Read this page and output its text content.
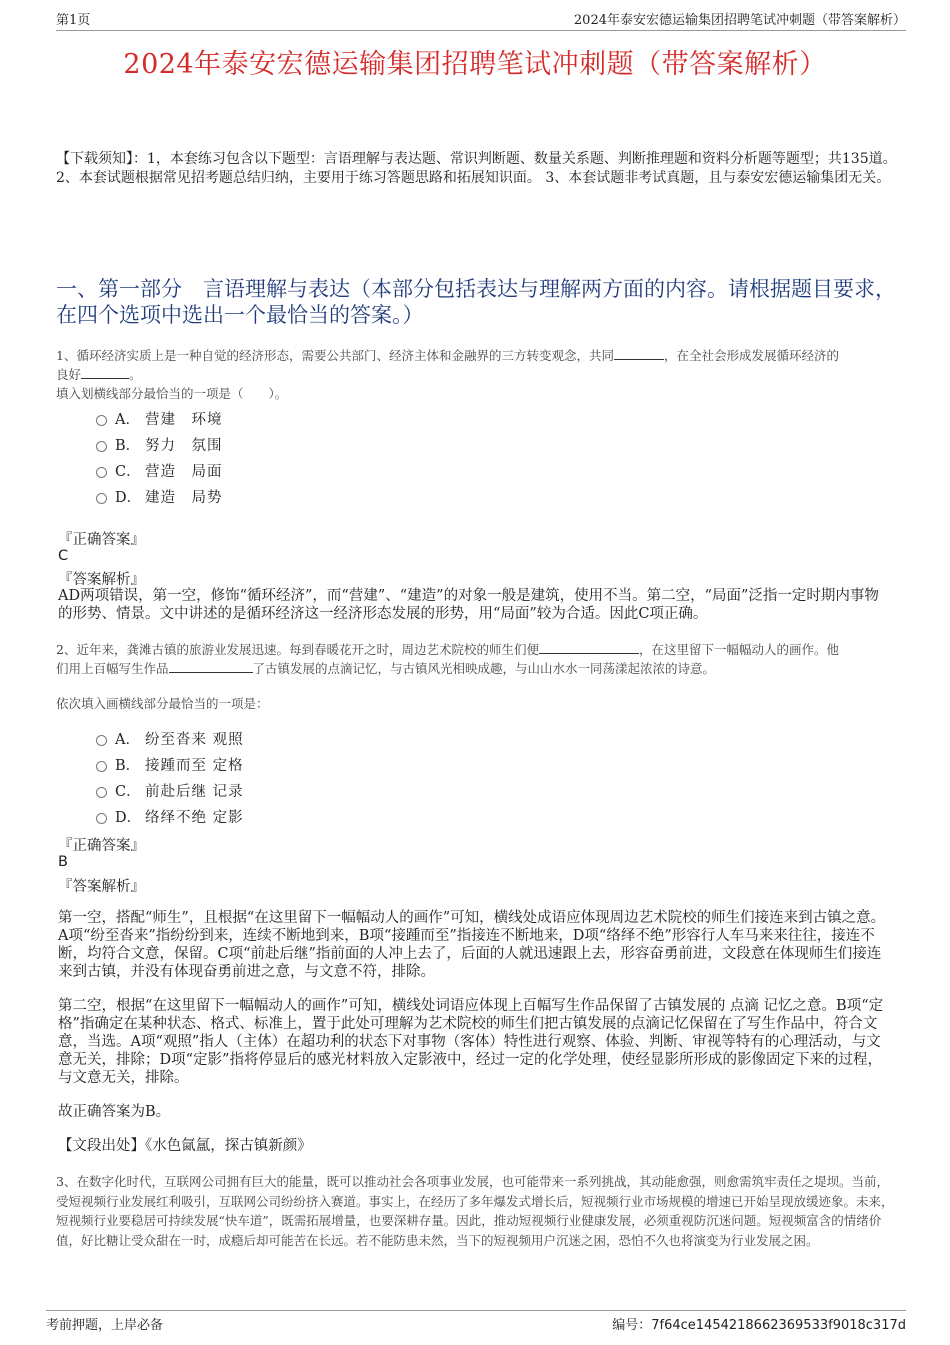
第1页	2024年泰安宏德运输集团招聘笔试冲刺题（带答案解析）
2024年泰安宏德运输集团招聘笔试冲刺题（带答案解析）
【下载须知】：1，本套练习包含以下题型：言语理解与表达题、常识判断题、数量关系题、判断推理题和资料分析题等题型；共135道。 2、本套试题根据常见招考题总结归纳，主要用于练习答题思路和拓展知识面。 3、本套试题非考试真题，且与泰安宏德运输集团无关。
一、第一部分　言语理解与表达（本部分包括表达与理解两方面的内容。请根据题目要求，在四个选项中选出一个最恰当的答案。）
1、循环经济实质上是一种自觉的经济形态，需要公共部门、经济主体和金融界的三方转变观念，共同	，在全社会形成发展循环经济的
良好	。
填入划横线部分最恰当的一项是（　　）。
A． 营建　环境
B． 努力　氛围
C． 营造　局面
D． 建造　局势
『正确答案』
C
『答案解析』
AD两项错误，第一空，修饰“循环经济”，而“营建”、“建造”的对象一般是建筑，使用不当。第二空，“局面”泛指一定时期内事物的形势、情景。文中讲述的是循环经济这一经济形态发展的形势，用“局面”较为合适。因此C项正确。
2、近年来，龚滩古镇的旅游业发展迅速。每到春暖花开之时，周边艺术院校的师生们便	，在这里留下一幅幅动人的画作。他
们用上百幅写生作品	了古镇发展的点滴记忆，与古镇风光相映成趣，与山山水水一同荡漾起浓浓的诗意。
依次填入画横线部分最恰当的一项是：
A． 纷至沓来 观照
B． 接踵而至 定格
C． 前赴后继 记录
D． 络绎不绝 定影
『正确答案』
B
『答案解析』
第一空，搭配“师生”，且根据“在这里留下一幅幅动人的画作”可知，横线处成语应体现周边艺术院校的师生们接连来到古镇之意。A项“纷至沓来”指纷纷到来，连续不断地到来，B项“接踵而至”指接连不断地来，D项“络绎不绝”形容行人车马来来往往，接连不断，均符合文意，保留。C项“前赴后继”指前面的人冲上去了，后面的人就迅速跟上去，形容奋勇前进，文段意在体现师生们接连来到古镇，并没有体现奋勇前进之意，与文意不符，排除。
第二空，根据“在这里留下一幅幅动人的画作”可知，横线处词语应体现上百幅写生作品保留了古镇发展的 点滴 记忆之意。B项“定格”指确定在某种状态、格式、标准上，置于此处可理解为艺术院校的师生们把古镇发展的点滴记忆保留在了写生作品中，符合文意，当选。A项“观照”指人（主体）在超功利的状态下对事物（客体）特性进行观察、体验、判断、审视等特有的心理活动，与文意无关，排除；D项“定影”指将停显后的感光材料放入定影液中，经过一定的化学处理，使经显影所形成的影像固定下来的过程，与文意无关，排除。
故正确答案为B。
【文段出处】《水色氤氲，探古镇新颜》
3、在数字化时代，互联网公司拥有巨大的能量，既可以推动社会各项事业发展，也可能带来一系列挑战，其动能愈强，则愈需筑牢责任之堤坝。当前，受短视频行业发展红利吸引，互联网公司纷纷挤入赛道。事实上，在经历了多年爆发式增长后，短视频行业市场规模的增速已开始呈现放缓迹象。未来，短视频行业要稳居可持续发展“快车道”，既需拓展增量，也要深耕存量。因此，推动短视频行业健康发展，必须重视防沉迷问题。短视频富含的情绪价值，好比糖让受众甜在一时，成瘾后却可能苦在长远。若不能防患未然，当下的短视频用户沉迷之困，恐怕不久也将演变为行业发展之困。
考前押题，上岸必备	编号：7f64ce1454218662369533f9018c317d
